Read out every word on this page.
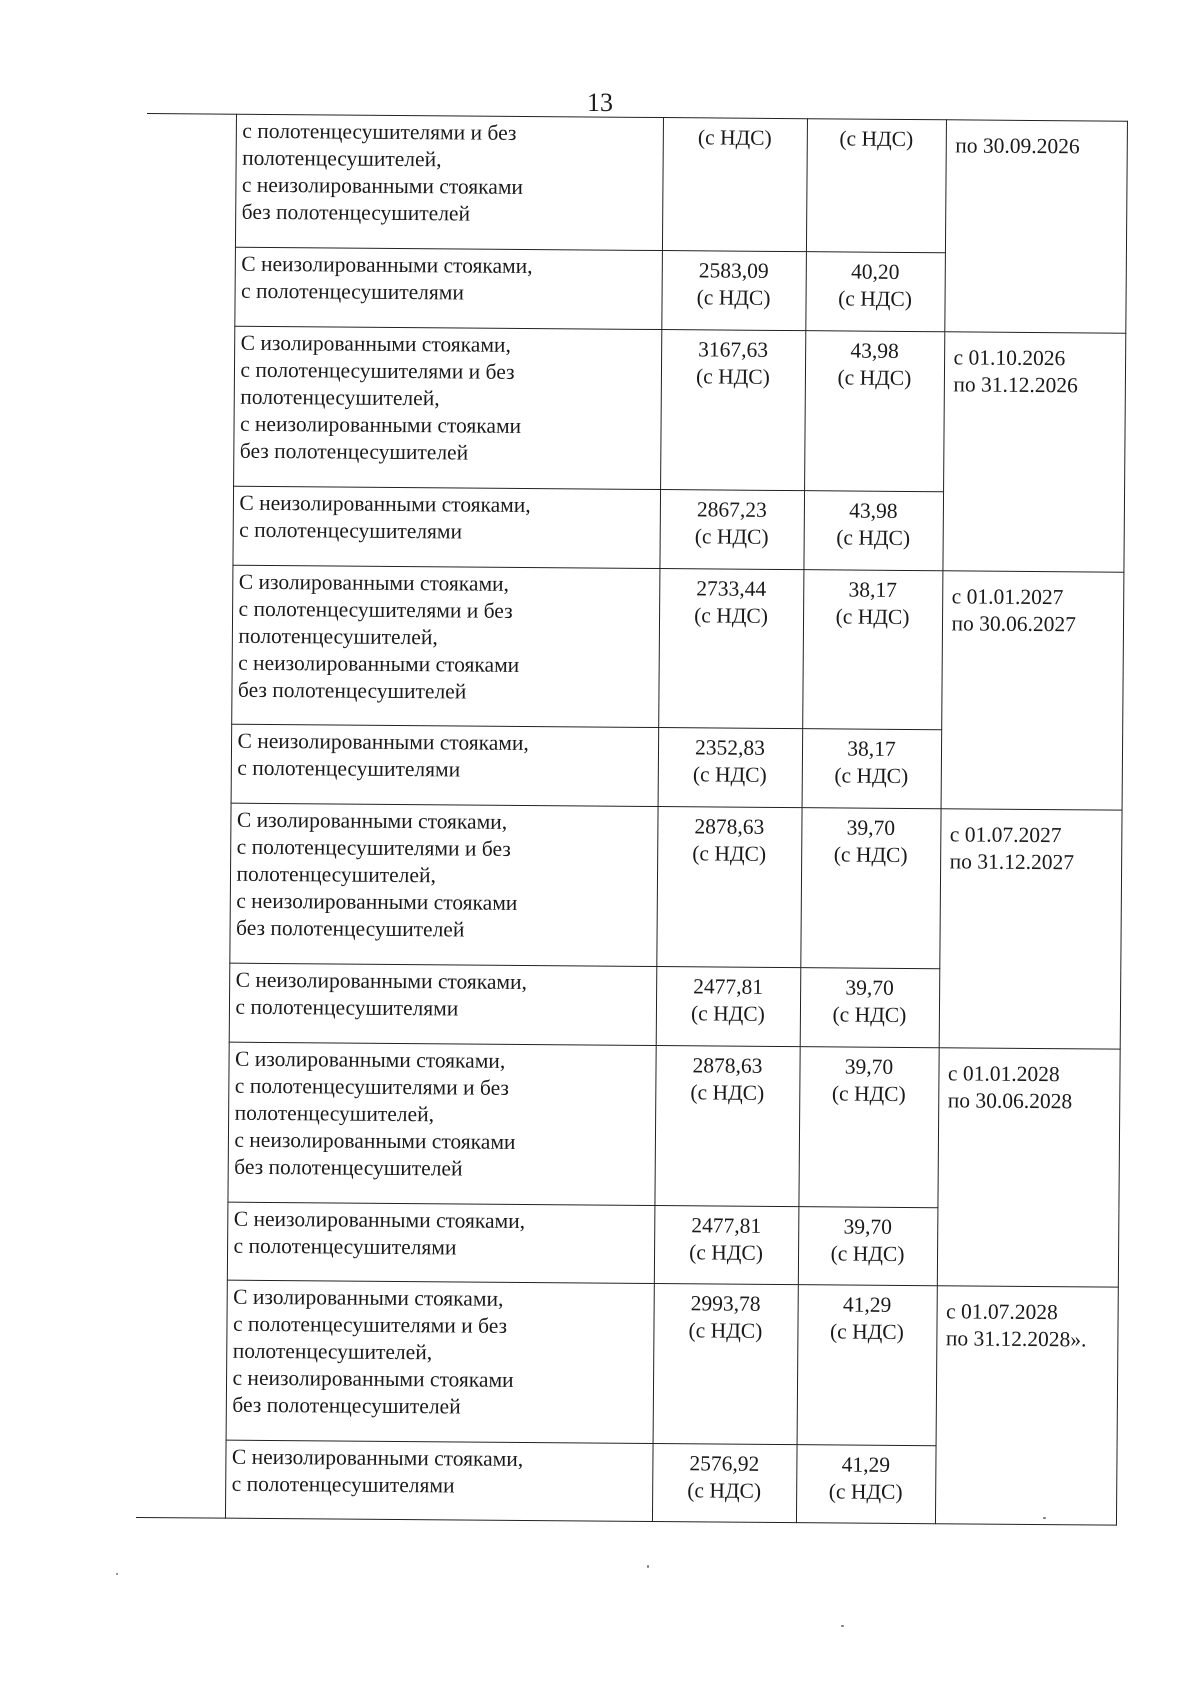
13

	с полотенцесушителями и без
полотенцесушителей,
с неизолированными стояками
без полотенцесушителей	(с НДС)	(с НДС)	по 30.09.2026

	С неизолированными стояками,
с полотенцесушителями	2583,09
(с НДС)	40,20
(с НДС)	

	С изолированными стояками,
с полотенцесушителями и без
полотенцесушителей,
с неизолированными стояками
без полотенцесушителей	3167,63
(с НДС)	43,98
(с НДС)	с 01.10.2026
по 31.12.2026

	С неизолированными стояками,
с полотенцесушителями	2867,23
(с НДС)	43,98
(с НДС)	

	С изолированными стояками,
с полотенцесушителями и без
полотенцесушителей,
с неизолированными стояками
без полотенцесушителей	2733,44
(с НДС)	38,17
(с НДС)	с 01.01.2027
по 30.06.2027

	С неизолированными стояками,
с полотенцесушителями	2352,83
(с НДС)	38,17
(с НДС)	

	С изолированными стояками,
с полотенцесушителями и без
полотенцесушителей,
с неизолированными стояками
без полотенцесушителей	2878,63
(с НДС)	39,70
(с НДС)	с 01.07.2027
по 31.12.2027

	С неизолированными стояками,
с полотенцесушителями	2477,81
(с НДС)	39,70
(с НДС)	

	С изолированными стояками,
с полотенцесушителями и без
полотенцесушителей,
с неизолированными стояками
без полотенцесушителей	2878,63
(с НДС)	39,70
(с НДС)	с 01.01.2028
по 30.06.2028

	С неизолированными стояками,
с полотенцесушителями	2477,81
(с НДС)	39,70
(с НДС)	

	С изолированными стояками,
с полотенцесушителями и без
полотенцесушителей,
с неизолированными стояками
без полотенцесушителей	2993,78
(с НДС)	41,29
(с НДС)	с 01.07.2028
по 31.12.2028».

	С неизолированными стояками,
с полотенцесушителями	2576,92
(с НДС)	41,29
(с НДС)	
